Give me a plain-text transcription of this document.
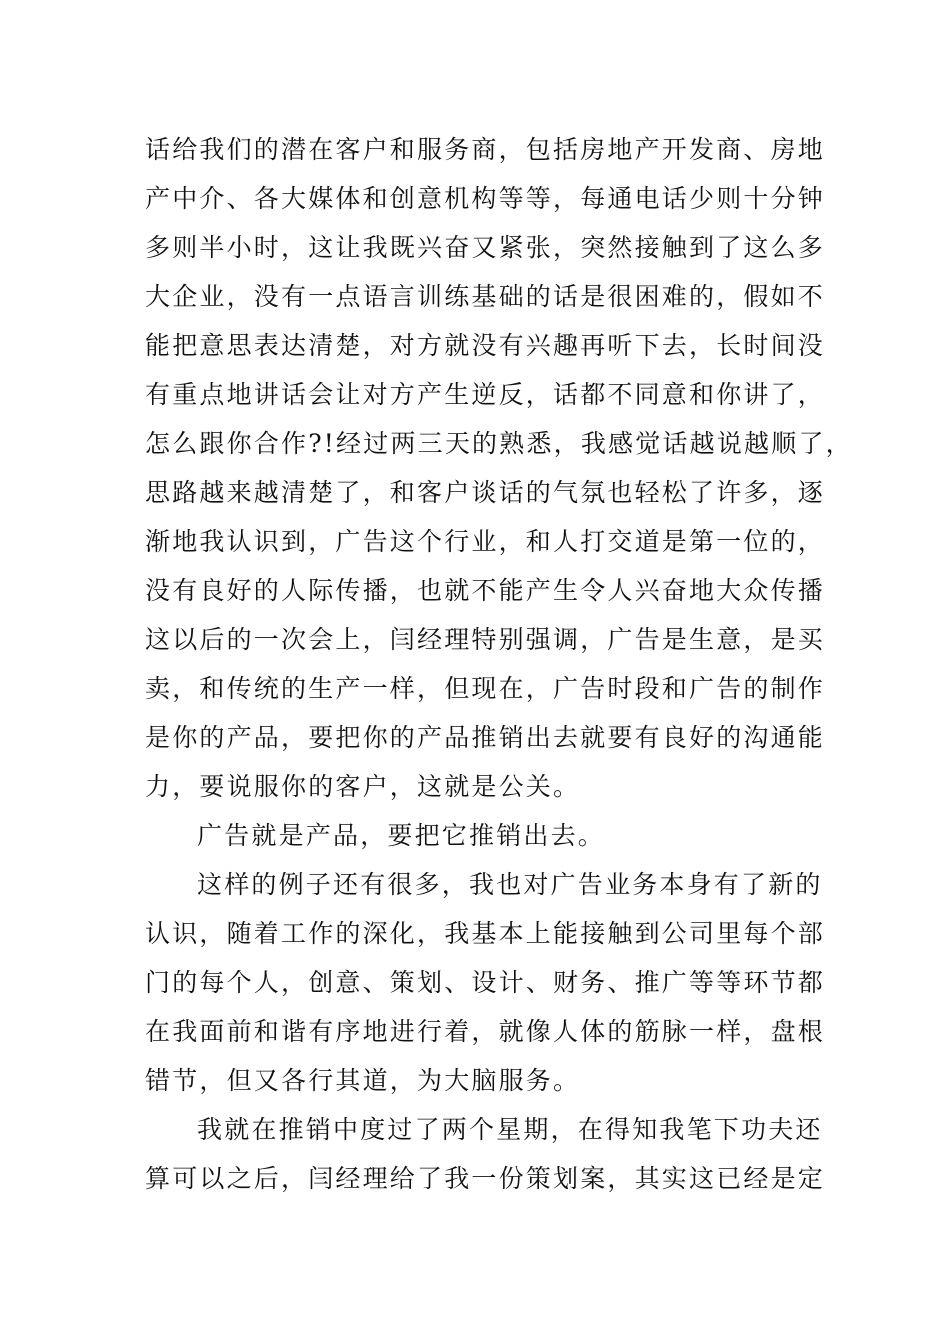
话给我们的潜在客户和服务商，包括房地产开发商、房地
产中介、各大媒体和创意机构等等，每通电话少则十分钟
多则半小时，这让我既兴奋又紧张，突然接触到了这么多
大企业，没有一点语言训练基础的话是很困难的，假如不
能把意思表达清楚，对方就没有兴趣再听下去，长时间没
有重点地讲话会让对方产生逆反，话都不同意和你讲了，
怎么跟你合作?!经过两三天的熟悉，我感觉话越说越顺了，
思路越来越清楚了，和客户谈话的气氛也轻松了许多，逐
渐地我认识到，广告这个行业，和人打交道是第一位的，
没有良好的人际传播，也就不能产生令人兴奋地大众传播
这以后的一次会上，闫经理特别强调，广告是生意，是买
卖，和传统的生产一样，但现在，广告时段和广告的制作
是你的产品，要把你的产品推销出去就要有良好的沟通能
力，要说服你的客户，这就是公关。
广告就是产品，要把它推销出去。
这样的例子还有很多，我也对广告业务本身有了新的
认识，随着工作的深化，我基本上能接触到公司里每个部
门的每个人，创意、策划、设计、财务、推广等等环节都
在我面前和谐有序地进行着，就像人体的筋脉一样，盘根
错节，但又各行其道，为大脑服务。
我就在推销中度过了两个星期，在得知我笔下功夫还
算可以之后，闫经理给了我一份策划案，其实这已经是定
